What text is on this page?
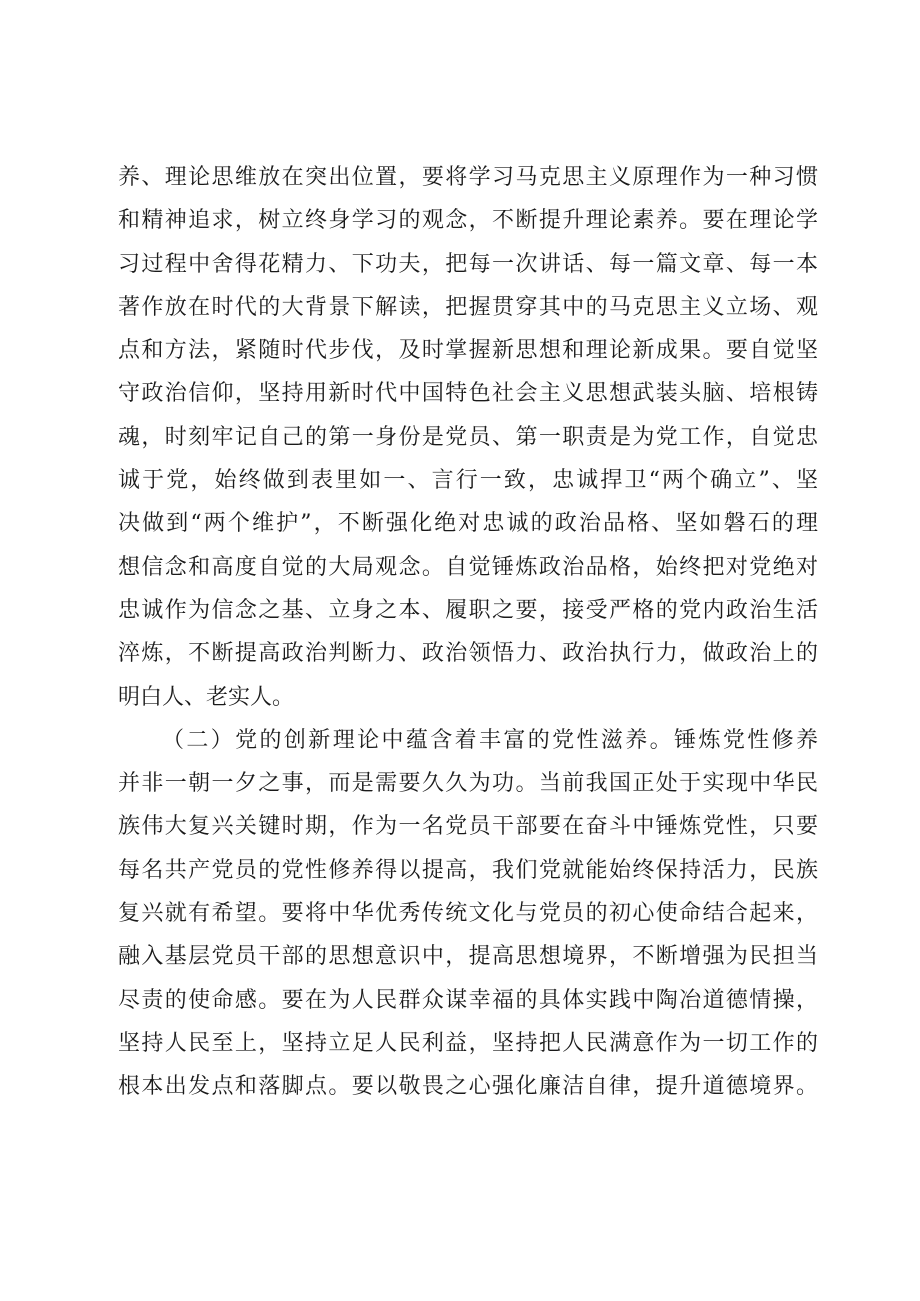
养、理论思维放在突出位置，要将学习马克思主义原理作为一种习惯
和精神追求，树立终身学习的观念，不断提升理论素养。要在理论学
习过程中舍得花精力、下功夫，把每一次讲话、每一篇文章、每一本
著作放在时代的大背景下解读，把握贯穿其中的马克思主义立场、观
点和方法，紧随时代步伐，及时掌握新思想和理论新成果。要自觉坚
守政治信仰，坚持用新时代中国特色社会主义思想武装头脑、培根铸
魂，时刻牢记自己的第一身份是党员、第一职责是为党工作，自觉忠
诚于党，始终做到表里如一、言行一致，忠诚捍卫“两个确立”、坚
决做到“两个维护”，不断强化绝对忠诚的政治品格、坚如磐石的理
想信念和高度自觉的大局观念。自觉锤炼政治品格，始终把对党绝对
忠诚作为信念之基、立身之本、履职之要，接受严格的党内政治生活
淬炼，不断提高政治判断力、政治领悟力、政治执行力，做政治上的
明白人、老实人。
（二）党的创新理论中蕴含着丰富的党性滋养。锤炼党性修养
并非一朝一夕之事，而是需要久久为功。当前我国正处于实现中华民
族伟大复兴关键时期，作为一名党员干部要在奋斗中锤炼党性，只要
每名共产党员的党性修养得以提高，我们党就能始终保持活力，民族
复兴就有希望。要将中华优秀传统文化与党员的初心使命结合起来，
融入基层党员干部的思想意识中，提高思想境界，不断增强为民担当
尽责的使命感。要在为人民群众谋幸福的具体实践中陶冶道德情操，
坚持人民至上，坚持立足人民利益，坚持把人民满意作为一切工作的
根本出发点和落脚点。要以敬畏之心强化廉洁自律，提升道德境界。
